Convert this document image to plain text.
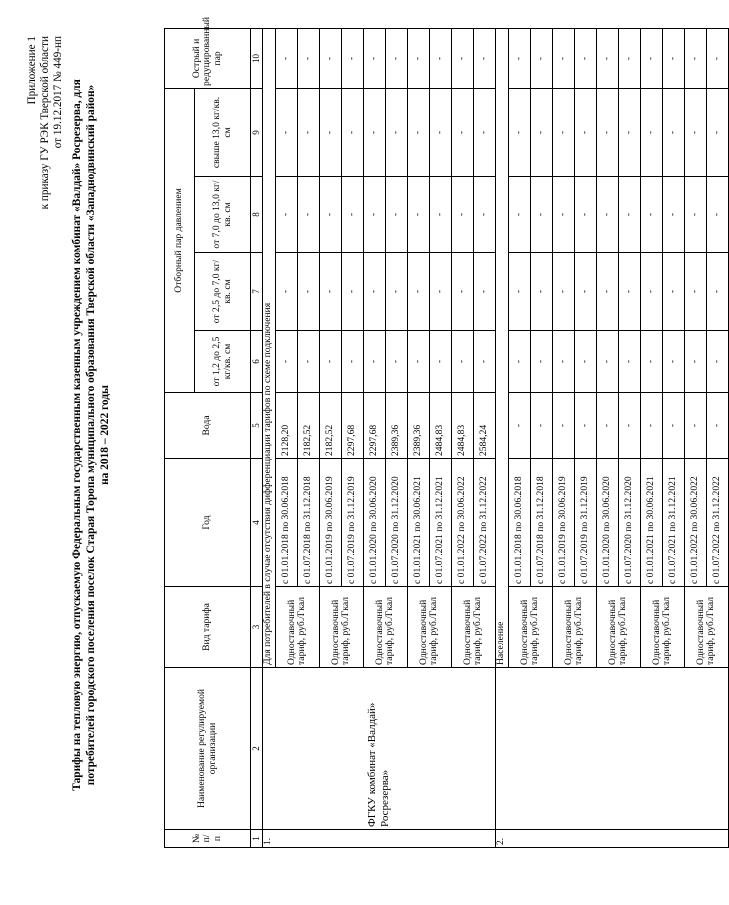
Приложение 1 к приказу ГУ РЭК Тверской области от 19.12.2017 № 449-нп Тарифы на тепловую энергию, отпускаемую Федеральным государственным казенным учреждением комбинат «Валдай» Росрезерва, для потребителей городского поселения поселок Старая Торопа муниципального образования Тверской области «Западнодвинский район» на 2018 – 2022 годы
№ п/ п	Наименование регулируемой организации	Вид тарифа	Год	Вода	Отборный пар давлением				Острый и редуцированный пар
					от 1,2 до 2,5 кг/кв. см	от 2,5 до 7,0 кг/кв. см	от 7,0 до 13,0 кг/кв. см	свыше 13,0 кг/кв. см	
1	2	3	4	5	6	7	8	9	10
1.	ФГКУ комбинат «Валдай» Росрезерва»	Для потребителей в случае отсутствия дифференциации тарифов по схеме подключения							
		Одноставочный тариф, руб./Гкал	с 01.01.2018 по 30.06.2018	2128,20	-	-	-	-	-
			с 01.07.2018 по 31.12.2018	2182,52	-	-	-	-	-
		Одноставочный тариф, руб./Гкал	с 01.01.2019 по 30.06.2019	2182,52	-	-	-	-	-
			с 01.07.2019 по 31.12.2019	2297,68	-	-	-	-	-
		Одноставочный тариф, руб./Гкал	с 01.01.2020 по 30.06.2020	2297,68	-	-	-	-	-
			с 01.07.2020 по 31.12.2020	2389,36	-	-	-	-	-
		Одноставочный тариф, руб./Гкал	с 01.01.2021 по 30.06.2021	2389,36	-	-	-	-	-
			с 01.07.2021 по 31.12.2021	2484,83	-	-	-	-	-
		Одноставочный тариф, руб./Гкал	с 01.01.2022 по 30.06.2022	2484,83	-	-	-	-	-
			с 01.07.2022 по 31.12.2022	2584,24	-	-	-	-	-
2.		Население							
		Одноставочный тариф, руб./Гкал	с 01.01.2018 по 30.06.2018	-	-	-	-	-	-
			с 01.07.2018 по 31.12.2018	-	-	-	-	-	-
		Одноставочный тариф, руб./Гкал	с 01.01.2019 по 30.06.2019	-	-	-	-	-	-
			с 01.07.2019 по 31.12.2019	-	-	-	-	-	-
		Одноставочный тариф, руб./Гкал	с 01.01.2020 по 30.06.2020	-	-	-	-	-	-
			с 01.07.2020 по 31.12.2020	-	-	-	-	-	-
		Одноставочный тариф, руб./Гкал	с 01.01.2021 по 30.06.2021	-	-	-	-	-	-
			с 01.07.2021 по 31.12.2021	-	-	-	-	-	-
		Одноставочный тариф, руб./Гкал	с 01.01.2022 по 30.06.2022	-	-	-	-	-	-
			с 01.07.2022 по 31.12.2022	-	-	-	-	-	-
